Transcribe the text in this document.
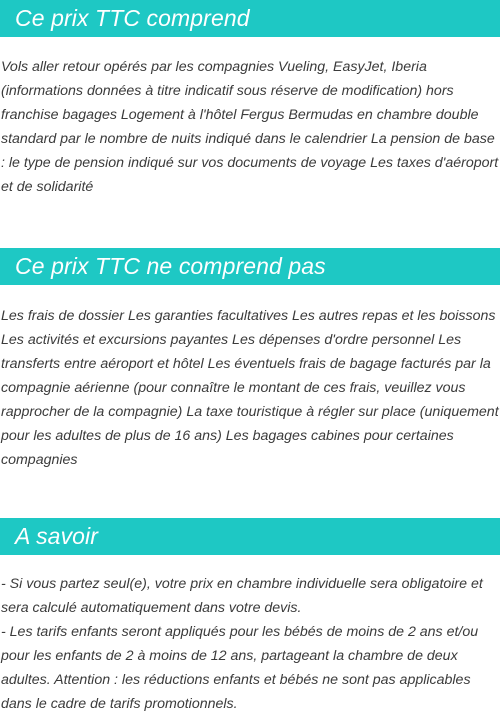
Ce prix TTC comprend

Vols aller retour opérés par les compagnies Vueling, EasyJet, Iberia (informations données à titre indicatif sous réserve de modification) hors franchise bagages Logement à l'hôtel Fergus Bermudas en chambre double standard par le nombre de nuits indiqué dans le calendrier La pension de base : le type de pension indiqué sur vos documents de voyage Les taxes d'aéroport et de solidarité

Ce prix TTC ne comprend pas

Les frais de dossier Les garanties facultatives Les autres repas et les boissons Les activités et excursions payantes Les dépenses d'ordre personnel Les transferts entre aéroport et hôtel Les éventuels frais de bagage facturés par la compagnie aérienne (pour connaître le montant de ces frais, veuillez vous rapprocher de la compagnie) La taxe touristique à régler sur place (uniquement pour les adultes de plus de 16 ans) Les bagages cabines pour certaines compagnies

A savoir
- Si vous partez seul(e), votre prix en chambre individuelle sera obligatoire et sera calculé automatiquement dans votre devis.
- Les tarifs enfants seront appliqués pour les bébés de moins de 2 ans et/ou pour les enfants de 2 à moins de 12 ans, partageant la chambre de deux adultes. Attention : les réductions enfants et bébés ne sont pas applicables dans le cadre de tarifs promotionnels.
